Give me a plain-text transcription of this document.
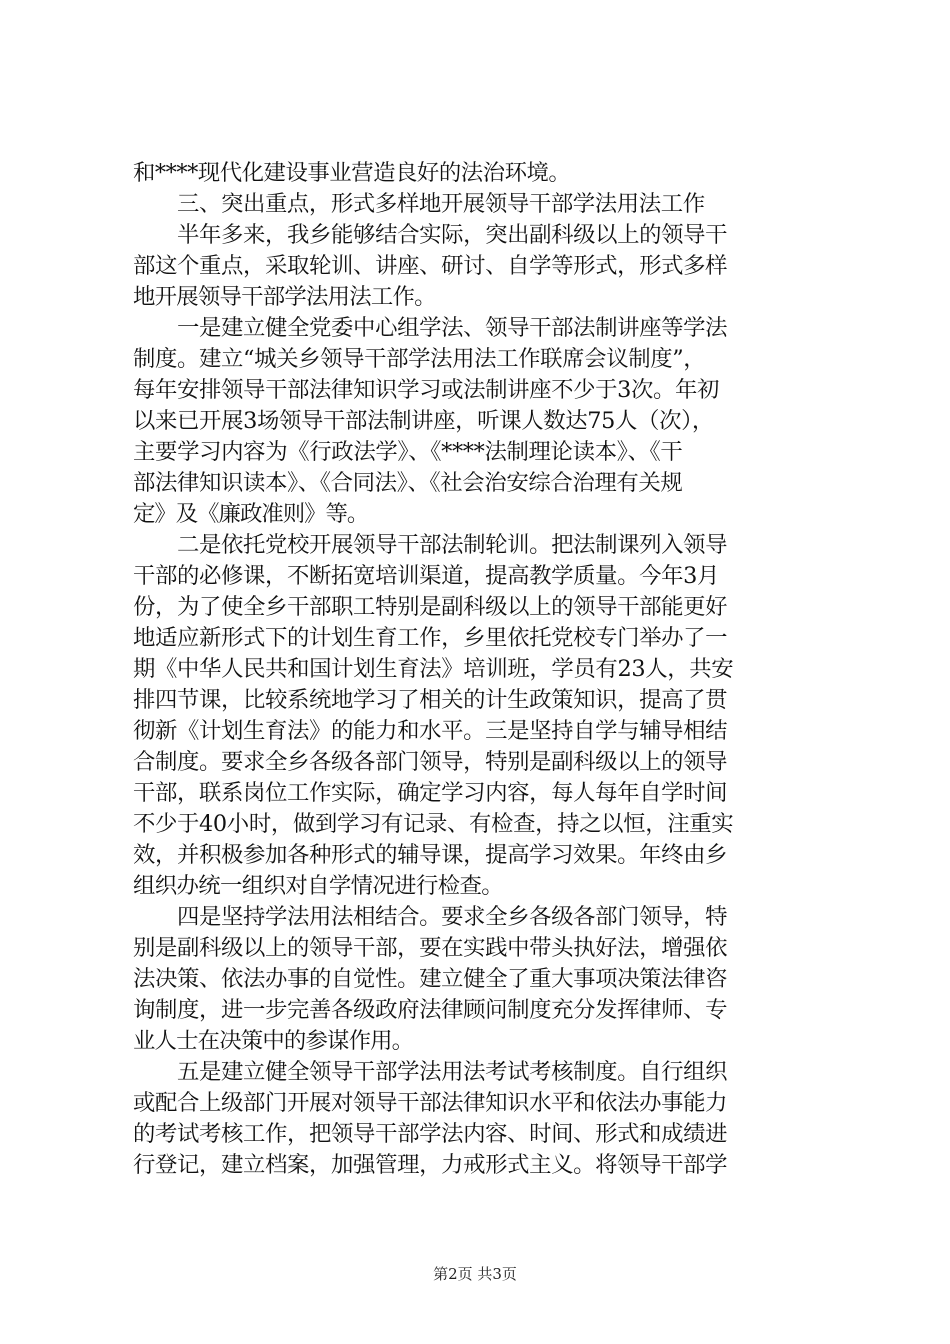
和****现代化建设事业营造良好的法治环境。
　　三、突出重点，形式多样地开展领导干部学法用法工作
　　半年多来，我乡能够结合实际，突出副科级以上的领导干
部这个重点，采取轮训、讲座、研讨、自学等形式，形式多样
地开展领导干部学法用法工作。
　　一是建立健全党委中心组学法、领导干部法制讲座等学法
制度。建立“城关乡领导干部学法用法工作联席会议制度”，
每年安排领导干部法律知识学习或法制讲座不少于3次。年初
以来已开展3场领导干部法制讲座，听课人数达75人（次），
主要学习内容为《行政法学》、《****法制理论读本》、《干
部法律知识读本》、《合同法》、《社会治安综合治理有关规
定》及《廉政准则》等。
　　二是依托党校开展领导干部法制轮训。把法制课列入领导
干部的必修课，不断拓宽培训渠道，提高教学质量。今年3月
份，为了使全乡干部职工特别是副科级以上的领导干部能更好
地适应新形式下的计划生育工作，乡里依托党校专门举办了一
期《中华人民共和国计划生育法》培训班，学员有23人，共安
排四节课，比较系统地学习了相关的计生政策知识，提高了贯
彻新《计划生育法》的能力和水平。三是坚持自学与辅导相结
合制度。要求全乡各级各部门领导，特别是副科级以上的领导
干部，联系岗位工作实际，确定学习内容，每人每年自学时间
不少于40小时，做到学习有记录、有检查，持之以恒，注重实
效，并积极参加各种形式的辅导课，提高学习效果。年终由乡
组织办统一组织对自学情况进行检查。
　　四是坚持学法用法相结合。要求全乡各级各部门领导，特
别是副科级以上的领导干部，要在实践中带头执好法，增强依
法决策、依法办事的自觉性。建立健全了重大事项决策法律咨
询制度，进一步完善各级政府法律顾问制度充分发挥律师、专
业人士在决策中的参谋作用。
　　五是建立健全领导干部学法用法考试考核制度。自行组织
或配合上级部门开展对领导干部法律知识水平和依法办事能力
的考试考核工作，把领导干部学法内容、时间、形式和成绩进
行登记，建立档案，加强管理，力戒形式主义。将领导干部学
第2页 共3页
